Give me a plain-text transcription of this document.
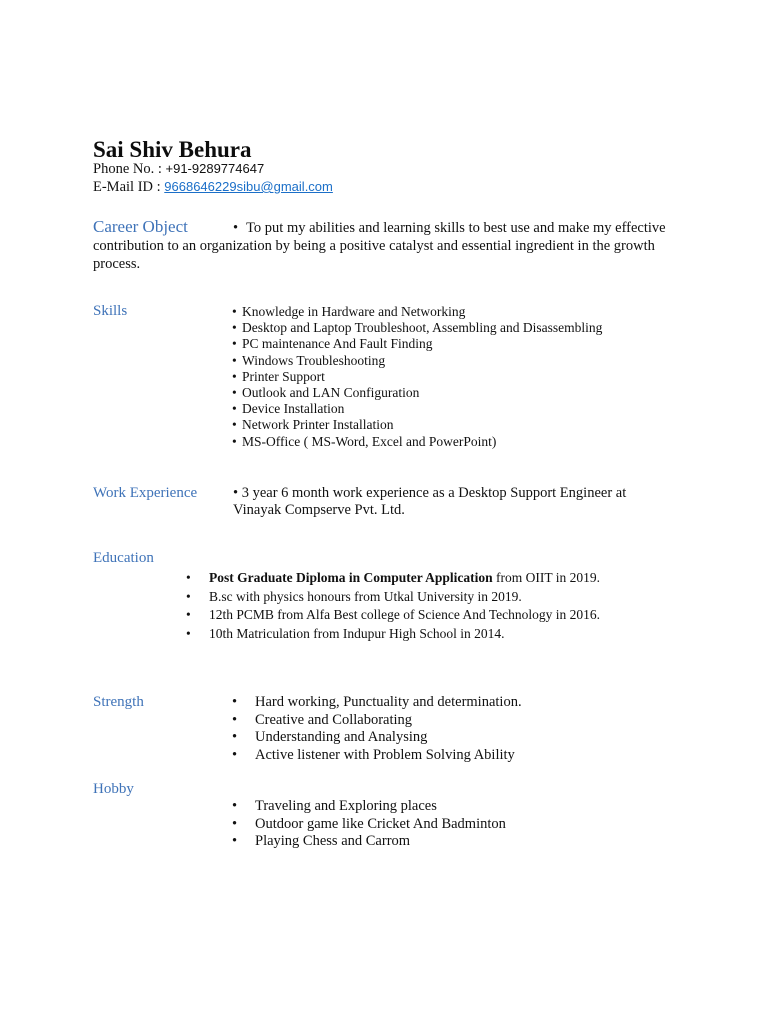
Sai Shiv Behura
Phone No. : +91-9289774647
E-Mail ID : 9668646229sibu@gmail.com
Career Object	• To put my abilities and learning skills to best use and make my effective contribution to an organization by being a positive catalyst and essential ingredient in the growth process.
Skills	• Knowledge in Hardware and Networking
• Desktop and Laptop Troubleshoot, Assembling and Disassembling
• PC maintenance And Fault Finding
• Windows Troubleshooting
• Printer Support
• Outlook and LAN Configuration
• Device Installation
• Network Printer Installation
• MS-Office ( MS-Word, Excel and PowerPoint)
Work Experience • 3 year 6 month work experience as a Desktop Support Engineer at Vinayak Compserve Pvt. Ltd.
Education
• Post Graduate Diploma in Computer Application from OIIT in 2019.
• B.sc with physics honours from Utkal University in 2019.
• 12th PCMB from Alfa Best college of Science And Technology in 2016.
• 10th Matriculation from Indupur High School in 2014.
Strength	• Hard working, Punctuality and determination.
• Creative and Collaborating
• Understanding and Analysing
• Active listener with Problem Solving Ability
Hobby
• Traveling and Exploring places
• Outdoor game like Cricket And Badminton
• Playing Chess and Carrom
